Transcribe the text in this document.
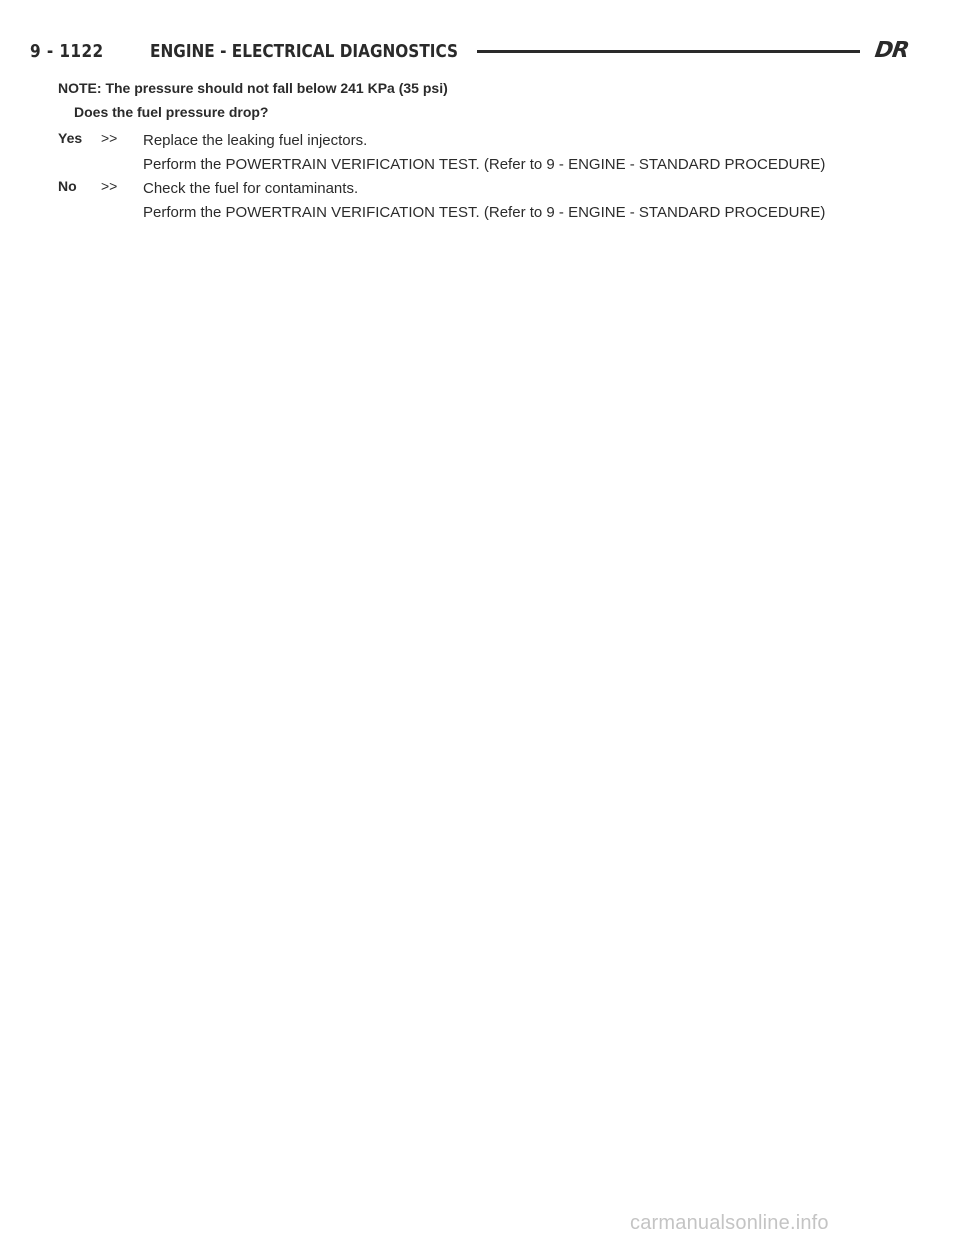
9 - 1122	ENGINE - ELECTRICAL DIAGNOSTICS	DR
NOTE: The pressure should not fall below 241 KPa (35 psi)
Does the fuel pressure drop?
Yes >> Replace the leaking fuel injectors.
Perform the POWERTRAIN VERIFICATION TEST. (Refer to 9 - ENGINE - STANDARD PROCEDURE)
No >> Check the fuel for contaminants.
Perform the POWERTRAIN VERIFICATION TEST. (Refer to 9 - ENGINE - STANDARD PROCEDURE)
carmanualsonline.info
